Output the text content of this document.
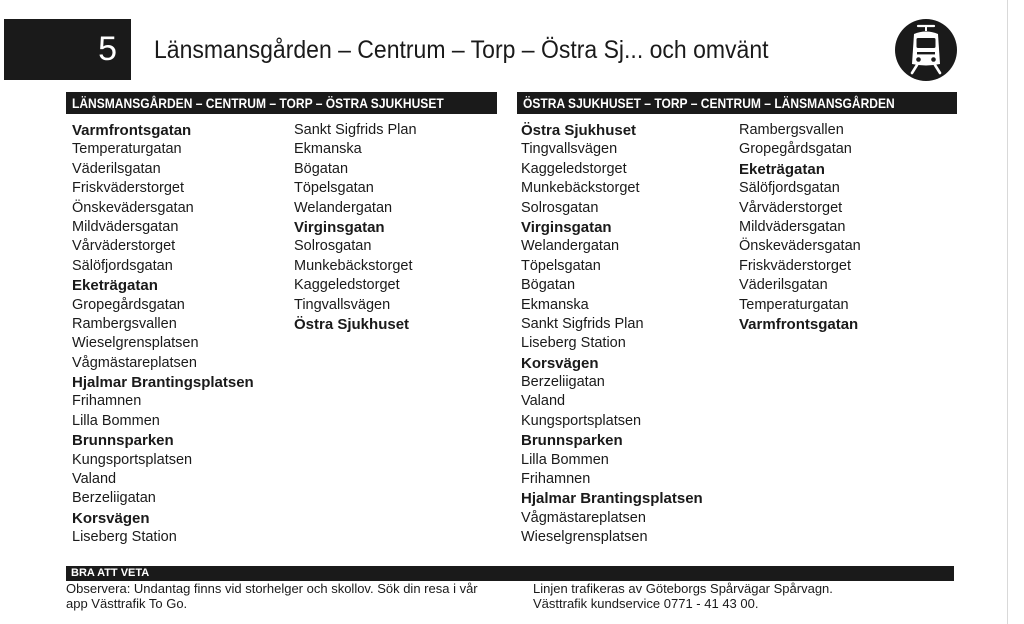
5	Länsmansgården – Centrum – Torp – Östra Sj... och omvänt
LÄNSMANSGÅRDEN – CENTRUM – TORP – ÖSTRA SJUKHUSET	ÖSTRA SJUKHUSET – TORP – CENTRUM – LÄNSMANSGÅRDEN
Varmfrontsgatan
Temperaturgatan
Väderilsgatan
Friskväderstorget
Önskevädersgatan
Mildvädersgatan
Vårväderstorget
Sälöfjordsgatan
Eketrägatan
Gropegårdsgatan
Rambergsvallen
Wieselgrensplatsen
Vågmästareplatsen
Hjalmar Brantingsplatsen
Frihamnen
Lilla Bommen
Brunnsparken
Kungsportsplatsen
Valand
Berzeliigatan
Korsvägen
Liseberg Station
Sankt Sigfrids Plan
Ekmanska
Bögatan
Töpelsgatan
Welandergatan
Virginsgatan
Solrosgatan
Munkebäckstorget
Kaggeledstorget
Tingvallsvägen
Östra Sjukhuset
Östra Sjukhuset
Tingvallsvägen
Kaggeledstorget
Munkebäckstorget
Solrosgatan
Virginsgatan
Welandergatan
Töpelsgatan
Bögatan
Ekmanska
Sankt Sigfrids Plan
Liseberg Station
Korsvägen
Berzeliigatan
Valand
Kungsportsplatsen
Brunnsparken
Lilla Bommen
Frihamnen
Hjalmar Brantingsplatsen
Vågmästareplatsen
Wieselgrensplatsen
Rambergsvallen
Gropegårdsgatan
Eketrägatan
Sälöfjordsgatan
Vårväderstorget
Mildvädersgatan
Önskevädersgatan
Friskväderstorget
Väderilsgatan
Temperaturgatan
Varmfrontsgatan
BRA ATT VETA
Observera: Undantag finns vid storhelger och skollov. Sök din resa i vår
app Västtrafik To Go.
Linjen trafikeras av Göteborgs Spårvägar Spårvagn.
Västtrafik kundservice 0771 - 41 43 00.
